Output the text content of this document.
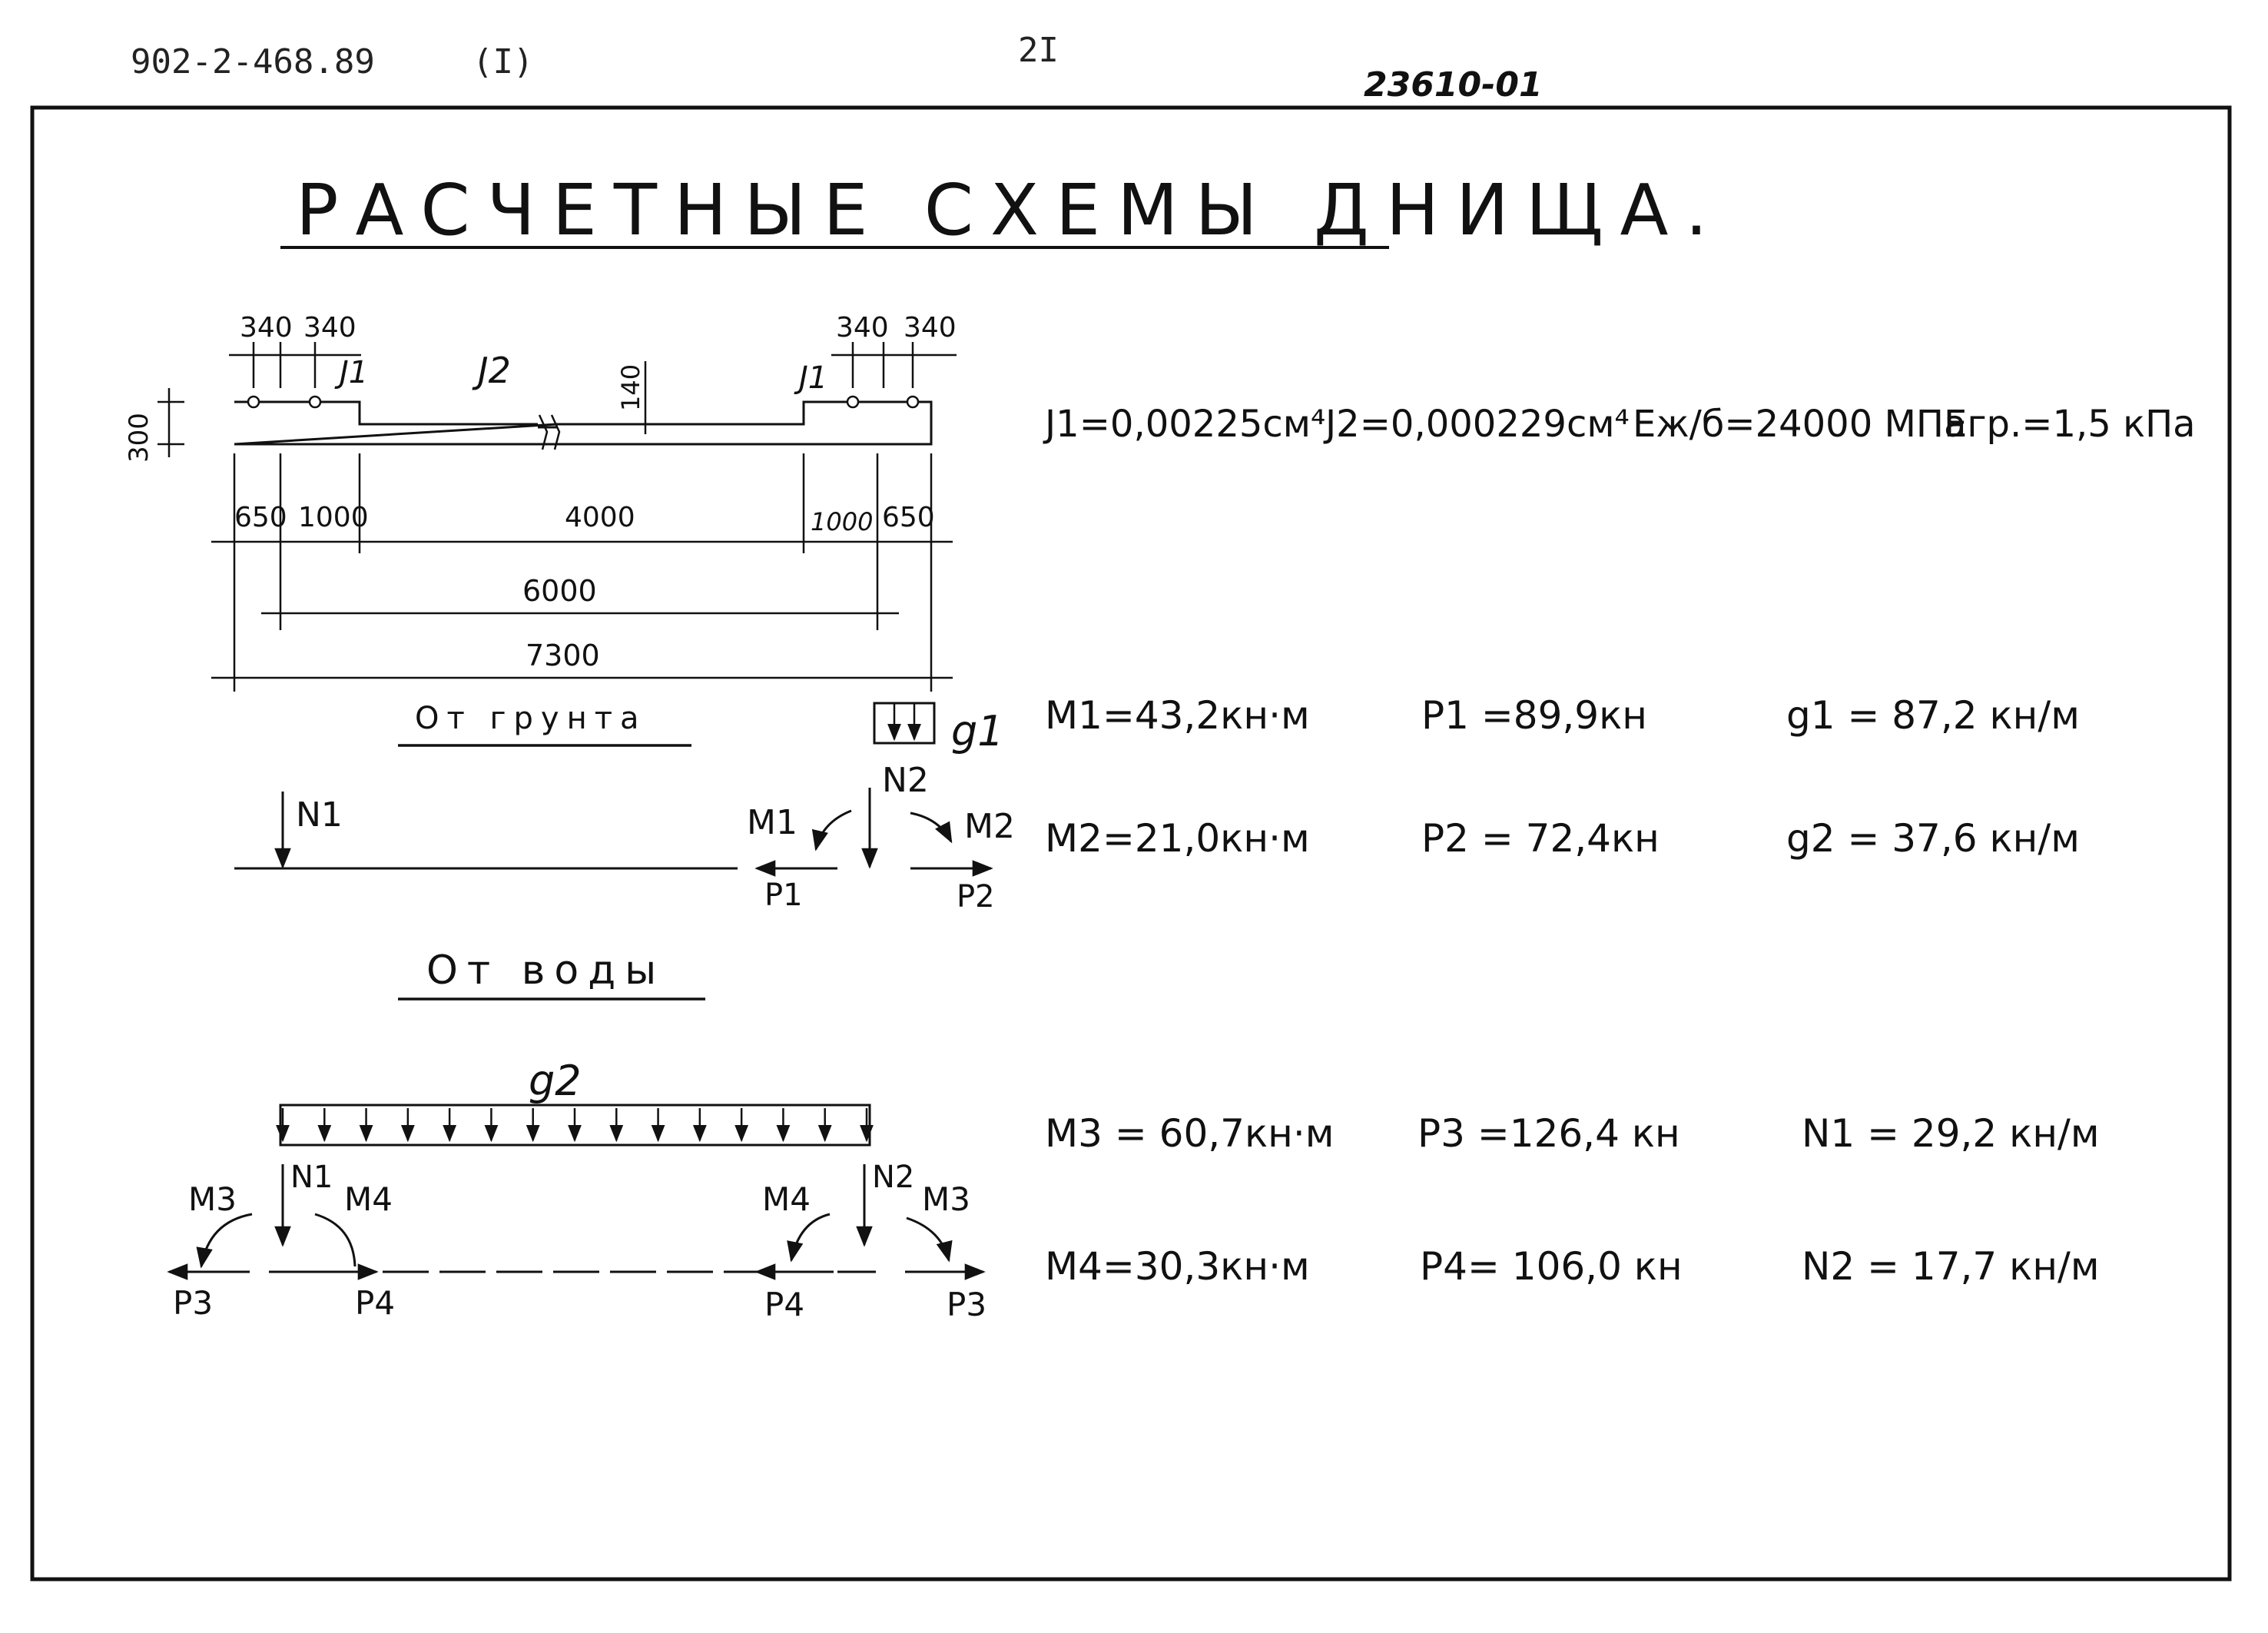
902-2-468.89	(I)	2I
23610-01
РАСЧЕТНЫЕ СХЕМЫ ДНИЩА.
340 340	340 340
Ј1	Ј2	Ј1
300
140
650 1000	4000	1000 650
6000
7300
Ј1=0,00225см⁴ Ј2=0,000229см⁴ Eж/б=24000 МПа
Eгр.=1,5 кПа
От грунта	g1
N1
N2
M1	M2
P1	P2
M1=43,2кн·м	P1 =89,9кн	g1 = 87,2 кн/м
M2=21,0кн·м	P2 = 72,4кн	g2 = 37,6 кн/м
От воды
g2
N1	N2
M3	M4	M4	M3
P3	P4	P4	P3
M3 = 60,7кн·м P3 =126,4 кн	N1 = 29,2 кн/м
M4=30,3кн·м	P4= 106,0 кн	N2 = 17,7 кн/м
